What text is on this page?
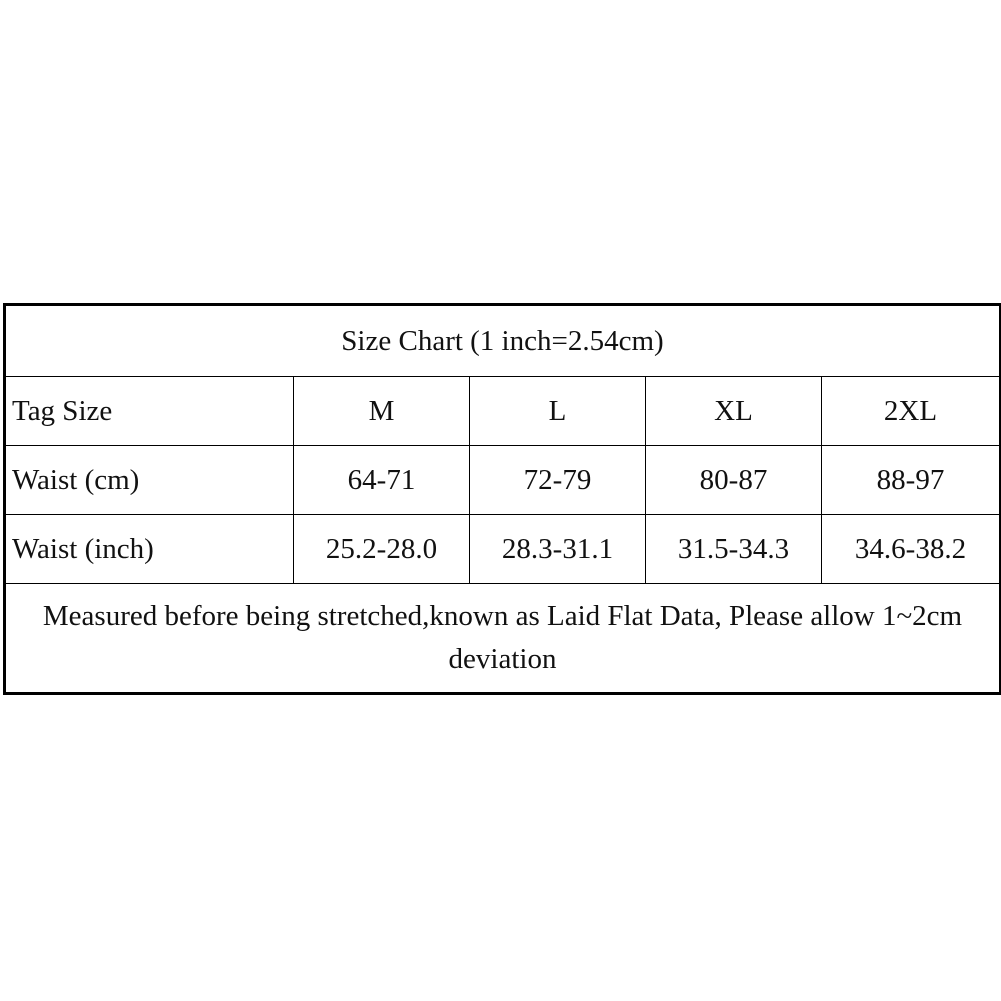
Size Chart (1 inch=2.54cm)				
Tag Size	M	L	XL	2XL
Waist (cm)	64-71	72-79	80-87	88-97
Waist (inch)	25.2-28.0	28.3-31.1	31.5-34.3	34.6-38.2
Measured before being stretched,known as Laid Flat Data, Please allow 1~2cm deviation				
